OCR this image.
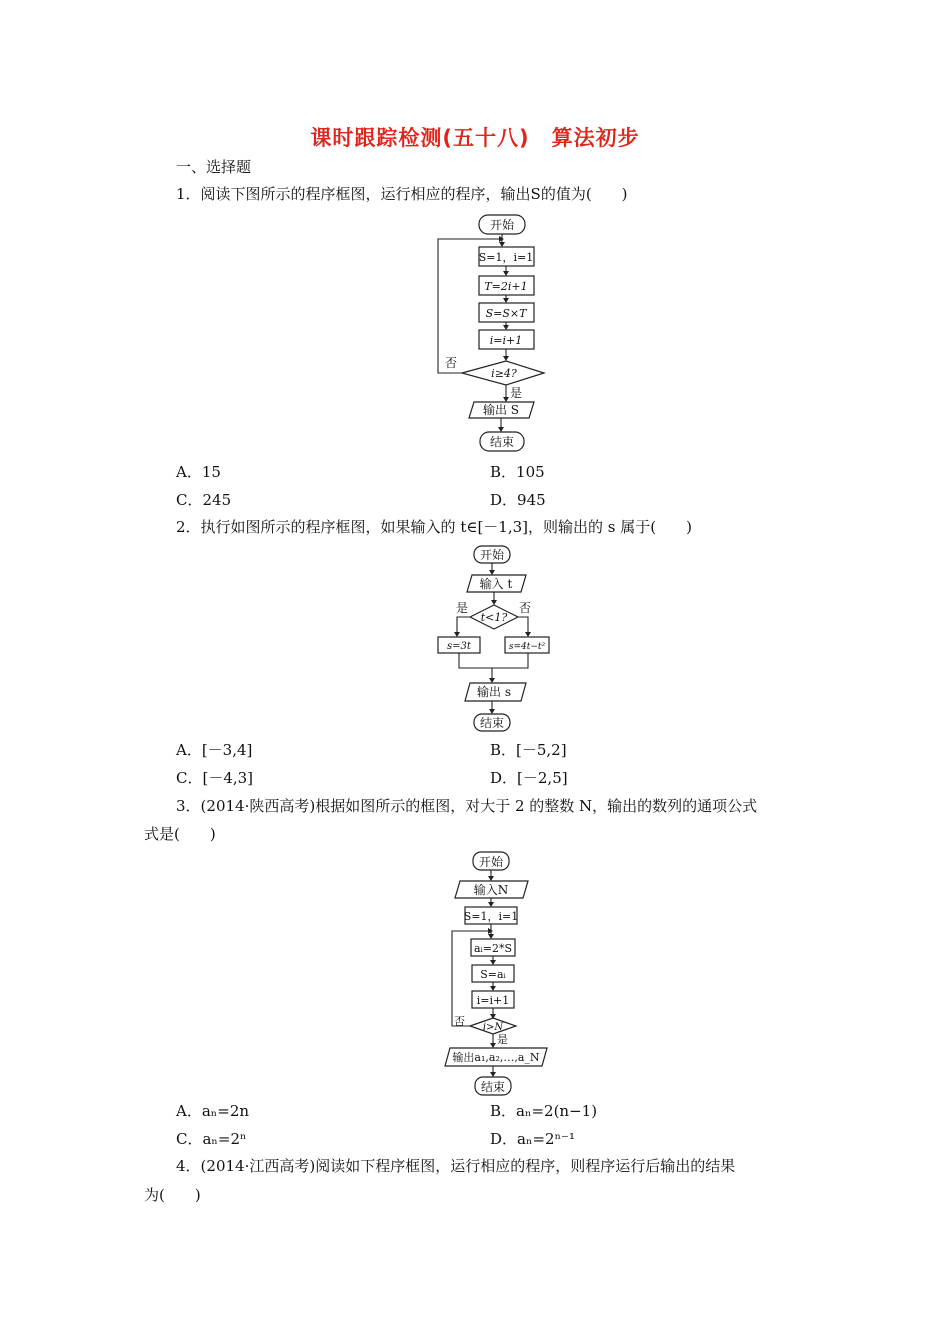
课时跟踪检测(五十八)　算法初步
一、选择题
1．阅读下图所示的程序框图，运行相应的程序，输出S的值为(　　)
开始
S=1，i=1
T=2i+1
S=S×T
i=i+1
i≥4?
否
是
输出 S
结束
A．15	B．105
C．245	D．945
2．执行如图所示的程序框图，如果输入的 t∈[－1,3]，则输出的 s 属于(　　)
开始
输入 t
t<1?
是	否
s=3t	s=4t−t²
输出 s
结束
A．[－3,4]	B．[－5,2]
C．[－4,3]	D．[－2,5]
3．(2014·陕西高考)根据如图所示的框图，对大于 2 的整数 N，输出的数列的通项公式
式是(　　)
开始
输入N
S=1，i=1
aᵢ=2*S
S=aᵢ
i=i+1
i>N
否
是
输出a₁,a₂,…,a_N
结束
A．aₙ=2n	B．aₙ=2(n−1)
C．aₙ=2ⁿ	D．aₙ=2ⁿ⁻¹
4．(2014·江西高考)阅读如下程序框图，运行相应的程序，则程序运行后输出的结果
为(　　)
